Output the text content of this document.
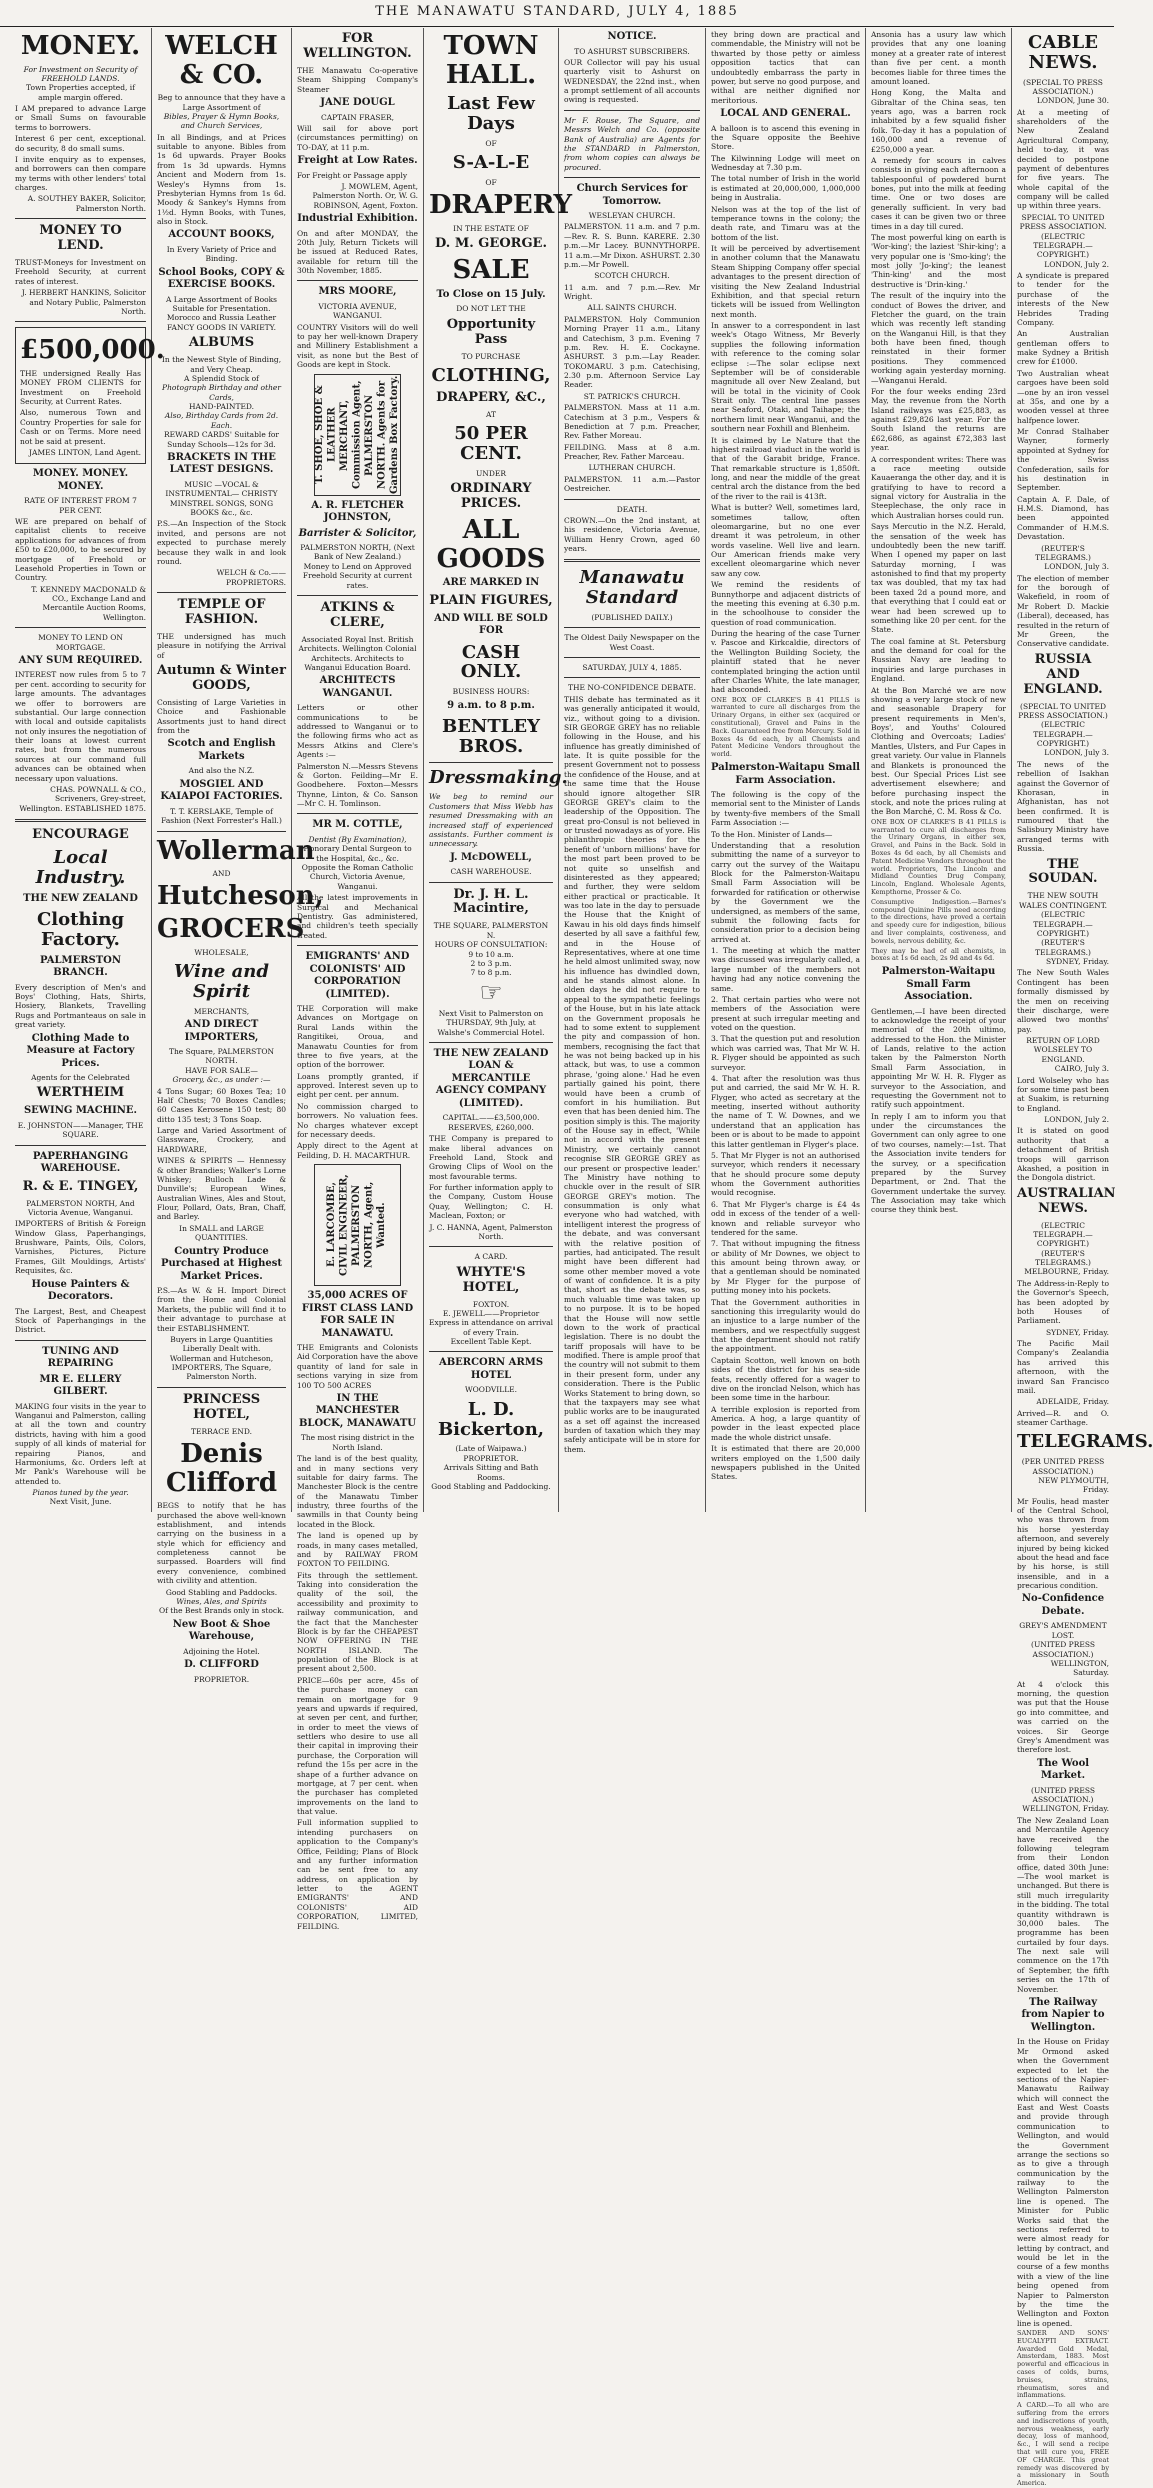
THE MANAWATU STANDARD, JULY 4, 1885
MONEY.
For Investment on Security of FREEHOLD LANDS.
Town Properties accepted, if ample margin offered.

I AM prepared to advance Large or Small Sums on favourable terms to borrowers.

Interest 6 per cent, exceptional. do security, 8 do small sums.

I invite enquiry as to expenses, and borrowers can then compare my terms with other lenders' total charges.

A. SOUTHEY BAKER, Solicitor, Palmerston North.

MONEY TO LEND.

TRUST-Moneys for Investment on Freehold Security, at current rates of interest.

J. HERBERT HANKINS, Solicitor and Notary Public, Palmerston North.

£500,000.

THE undersigned Really Has MONEY FROM CLIENTS for Investment on Freehold Security, at Current Rates.

Also, numerous Town and Country Properties for sale for Cash or on Terms. More need not be said at present.

JAMES LINTON, Land Agent.

MONEY. MONEY. MONEY.
RATE OF INTEREST FROM 7 PER CENT.

WE are prepared on behalf of capitalist clients to receive applications for advances of from £50 to £20,000, to be secured by mortgage of Freehold or Leasehold Properties in Town or Country.

T. KENNEDY MACDONALD & CO., Exchange Land and Mercantile Auction Rooms, Wellington.

MONEY TO LEND ON MORTGAGE.
ANY SUM REQUIRED.

INTEREST now rules from 5 to 7 per cent. according to security for large amounts. The advantages we offer to borrowers are substantial. Our large connection with local and outside capitalists not only insures the negotiation of their loans at lowest current rates, but from the numerous sources at our command full advances can be obtained when necessary upon valuations.

CHAS. POWNALL & CO., Scriveners, Grey-street, Wellington. ESTABLISHED 1875.

ENCOURAGE
Local Industry.
THE NEW ZEALAND
Clothing Factory.
PALMERSTON BRANCH.

Every description of Men's and Boys' Clothing, Hats, Shirts, Hosiery, Blankets, Travelling Rugs and Portmanteaus on sale in great variety.

Clothing Made to Measure at Factory Prices.
Agents for the Celebrated
WERTHEIM
SEWING MACHINE.
E. JOHNSTON——Manager, THE SQUARE.
PAPERHANGING WAREHOUSE.
R. & E. TINGEY,
PALMERSTON NORTH, And Victoria Avenue, Wanganui.

IMPORTERS of British & Foreign Window Glass, Paperhangings, Brushware, Paints, Oils, Colors, Varnishes, Pictures, Picture Frames, Gilt Mouldings, Artists' Requisites, &c.

House Painters & Decorators.

The Largest, Best, and Cheapest Stock of Paperhangings in the District.

TUNING AND REPAIRING
MR E. ELLERY GILBERT.

MAKING four visits in the year to Wanganui and Palmerston, calling at all the town and country districts, having with him a good supply of all kinds of material for repairing Pianos, and Harmoniums, &c. Orders left at Mr Pank's Warehouse will be attended to.

Pianos tuned by the year.
Next Visit, June.
WELCH & CO.
Beg to announce that they have a Large Assortment of
Bibles, Prayer & Hymn Books, and Church Services,

In all Bindings, and at Prices suitable to anyone. Bibles from 1s 6d upwards. Prayer Books from 1s 3d upwards. Hymns Ancient and Modern from 1s. Wesley's Hymns from 1s. Presbyterian Hymns from 1s 6d. Moody & Sankey's Hymns from 1½d. Hymn Books, with Tunes, also in Stock.

ACCOUNT BOOKS,
In Every Variety of Price and Binding.
School Books, COPY & EXERCISE BOOKS.
A Large Assortment of Books Suitable for Presentation.
Morocco and Russia Leather FANCY GOODS IN VARIETY.
ALBUMS
In the Newest Style of Binding, and Very Cheap.
A Splendid Stock of
Photograph Birthday and other Cards,
HAND-PAINTED.
Also, Birthday Cards from 2d. Each.
REWARD CARDS' Suitable for Sunday Schools—12s for 3d.
BRACKETS IN THE LATEST DESIGNS.
MUSIC —VOCAL & INSTRUMENTAL— CHRISTY MINSTREL SONGS, SONG BOOKS &c., &c.

P.S.—An Inspection of the Stock invited, and persons are not expected to purchase merely because they walk in and look round.

WELCH & Co.——PROPRIETORS.
TEMPLE OF FASHION.

THE undersigned has much pleasure in notifying the Arrival of

Autumn & Winter GOODS,

Consisting of Large Varieties in Choice and Fashionable Assortments just to hand direct from the

Scotch and English Markets
And also the N.Z.
MOSGIEL AND KAIAPOI FACTORIES.
T. T. KERSLAKE, Temple of Fashion (Next Forrester's Hall.)
Wollerman
AND
Hutcheson,
GROCERS
WHOLESALE,
Wine and Spirit
MERCHANTS,
AND DIRECT IMPORTERS,
The Square, PALMERSTON NORTH.
HAVE FOR SALE—
Grocery, &c., as under :—

4 Tons Sugar; 60 Boxes Tea; 10 Half Chests; 70 Boxes Candles; 60 Cases Kerosene 150 test; 80 ditto 135 test; 3 Tons Soap.

Large and Varied Assortment of Glassware, Crockery, and HARDWARE,

WINES & SPIRITS — Hennessy & other Brandies; Walker's Lorne Whiskey; Bulloch Lade & Dunville's; European Wines, Australian Wines, Ales and Stout, Flour, Pollard, Oats, Bran, Chaff, and Barley.

In SMALL and LARGE QUANTITIES.
Country Produce Purchased at Highest Market Prices.

P.S.—As W. & H. Import Direct from the Home and Colonial Markets, the public will find it to their advantage to purchase at their ESTABLISHMENT.

Buyers in Large Quantities Liberally Dealt with.
Wollerman and Hutcheson, IMPORTERS, The Square, Palmerston North.
PRINCESS HOTEL,
TERRACE END.
Denis Clifford

BEGS to notify that he has purchased the above well-known establishment, and intends carrying on the business in a style which for efficiency and completeness cannot be surpassed. Boarders will find every convenience, combined with civility and attention.

Good Stabling and Paddocks.
Wines, Ales, and Spirits
Of the Best Brands only in stock.
New Boot & Shoe Warehouse,
Adjoining the Hotel.
D. CLIFFORD
PROPRIETOR.
FOR WELLINGTON.

THE Manawatu Co-operative Steam Shipping Company's Steamer

JANE DOUGL
CAPTAIN FRASER,

Will sail for above port (circumstances permitting) on TO-DAY, at 11 p.m.

Freight at Low Rates.
For Freight or Passage apply

J. MOWLEM, Agent, Palmerston North. Or, W. G. ROBINSON, Agent, Foxton.

Industrial Exhibition.

On and after MONDAY, the 20th July, Return Tickets will be issued at Reduced Rates, available for return till the 30th November, 1885.

MRS MOORE,
VICTORIA AVENUE, WANGANUI.

COUNTRY Visitors will do well to pay her well-known Drapery and Millinery Establishment a visit, as none but the Best of Goods are kept in Stock.

T. SHOE, SHOE & LEATHER MERCHANT, Commission Agent, PALMERSTON NORTH. Agents for Gardens Box Factory.
A. R. FLETCHER JOHNSTON,
Barrister & Solicitor,
PALMERSTON NORTH, (Next Bank of New Zealand.)
Money to Lend on Approved Freehold Security at current rates.
ATKINS & CLERE,
Associated Royal Inst. British Architects. Wellington Colonial Architects. Architects to Wanganui Education Board.
ARCHITECTS WANGANUI.

Letters or other communications to be addressed to Wanganui or to the following firms who act as Messrs Atkins and Clere's Agents :—

Palmerston N.—Messrs Stevens & Gorton. Feilding—Mr E. Goodbehere. Foxton—Messrs Thynne, Linton, & Co. Sanson—Mr C. H. Tomlinson.

MR M. COTTLE,
Dentist (By Examination),
Honorary Dental Surgeon to the Hospital, &c., &c.
Opposite the Roman Catholic Church, Victoria Avenue, Wanganui.

All the latest improvements in Surgical and Mechanical Dentistry. Gas administered, and children's teeth specially treated.

EMIGRANTS' AND COLONISTS' AID CORPORATION (LIMITED).

THE Corporation will make Advances on Mortgage on Rural Lands within the Rangitikei, Oroua, and Manawatu Counties for from three to five years, at the option of the borrower.

Loans promptly granted, if approved. Interest seven up to eight per cent. per annum.

No commission charged to borrowers. No valuation fees. No charges whatever except for necessary deeds.

Apply direct to the Agent at Feilding, D. H. MACARTHUR.

E. LARCOMBE, CIVIL ENGINEER, PALMERSTON NORTH, Agent, Wanted.
35,000 ACRES OF FIRST CLASS LAND FOR SALE IN MANAWATU.

THE Emigrants and Colonists Aid Corporation have the above quantity of land for sale in sections varying in size from 100 TO 500 ACRES

IN THE MANCHESTER BLOCK, MANAWATU
The most rising district in the North Island.

The land is of the best quality, and in many sections very suitable for dairy farms. The Manchester Block is the centre of the Manawatu Timber industry, three fourths of the sawmills in that County being located in the Block.

The land is opened up by roads, in many cases metalled, and by RAILWAY FROM FOXTON TO FEILDING.

Fits through the settlement. Taking into consideration the quality of the soil, the accessibility and proximity to railway communication, and the fact that the Manchester Block is by far the CHEAPEST NOW OFFERING IN THE NORTH ISLAND. The population of the Block is at present about 2,500.

PRICE—60s per acre, 45s of the purchase money can remain on mortgage for 9 years and upwards if required, at seven per cent, and further, in order to meet the views of settlers who desire to use all their capital in improving their purchase, the Corporation will refund the 15s per acre in the shape of a further advance on mortgage, at 7 per cent. when the purchaser has completed improvements on the land to that value.

Full information supplied to intending purchasers on application to the Company's Office, Feilding; Plans of Block and any further information can be sent free to any address, on application by letter to the AGENT EMIGRANTS' AND COLONISTS' AID CORPORATION, LIMITED, FEILDING.

TOWN HALL.
Last Few Days
OF
S-A-L-E
OF
DRAPERY
IN THE ESTATE OF
D. M. GEORGE.
SALE
To Close on 15 July.
DO NOT LET THE
Opportunity Pass
TO PURCHASE
CLOTHING,
DRAPERY, &C.,
AT
50 PER CENT.
UNDER
ORDINARY PRICES.
ALL GOODS
ARE MARKED IN
PLAIN FIGURES,
AND WILL BE SOLD FOR
CASH ONLY.
BUSINESS HOURS:
9 a.m. to 8 p.m.
BENTLEY BROS.
Dressmaking.

We beg to remind our Customers that Miss Webb has resumed Dressmaking with an increased staff of experienced assistants. Further comment is unnecessary.

J. McDOWELL,
CASH WAREHOUSE.
Dr. J. H. L. Macintire,
THE SQUARE, PALMERSTON N.
HOURS OF CONSULTATION:
9 to 10 a.m.
2 to 3 p.m.
7 to 8 p.m.
☞
Next Visit to Palmerston on THURSDAY, 9th July, at Walshe's Commercial Hotel.
THE NEW ZEALAND LOAN & MERCANTILE AGENCY COMPANY (LIMITED).
CAPITAL.——£3,500,000.
RESERVES, £260,000.

THE Company is prepared to make liberal advances on Freehold Land, Stock and Growing Clips of Wool on the most favourable terms.

For further information apply to the Company, Custom House Quay, Wellington; C. H. Maclean, Foxton; or

J. C. HANNA, Agent, Palmerston North.
A CARD.
WHYTE'S HOTEL,
FOXTON.
E. JEWELL——Proprietor
Express in attendance on arrival of every Train.
Excellent Table Kept.
ABERCORN ARMS HOTEL
WOODVILLE.
L. D. Bickerton,
(Late of Waipawa.)
PROPRIETOR.
Arrivals Sitting and Bath Rooms.
Good Stabling and Paddocking.
NOTICE.
TO ASHURST SUBSCRIBERS.

OUR Collector will pay his usual quarterly visit to Ashurst on WEDNESDAY, the 22nd inst., when a prompt settlement of all accounts owing is requested.

Mr F. Rouse, The Square, and Messrs Welch and Co. (opposite Bank of Australia) are Agents for the STANDARD in Palmerston, from whom copies can always be procured.

Church Services for Tomorrow.
WESLEYAN CHURCH.

PALMERSTON. 11 a.m. and 7 p.m.—Rev. R. S. Bunn. KARERE. 2.30 p.m.—Mr Lacey. BUNNYTHORPE. 11 a.m.—Mr Dixon. ASHURST. 2.30 p.m.—Mr Powell.

SCOTCH CHURCH.

11 a.m. and 7 p.m.—Rev. Mr Wright.

ALL SAINTS CHURCH.

PALMERSTON. Holy Communion Morning Prayer 11 a.m., Litany and Catechism, 3 p.m. Evening 7 p.m. Rev. H. E. Cockayne. ASHURST. 3 p.m.—Lay Reader. TOKOMARU. 3 p.m. Catechising, 2.30 p.m. Afternoon Service Lay Reader.

ST. PATRICK'S CHURCH.

PALMERSTON. Mass at 11 a.m. Catechism at 3 p.m., Vespers & Benediction at 7 p.m. Preacher, Rev. Father Moreau.

FEILDING. Mass at 8 a.m. Preacher, Rev. Father Marceau.

LUTHERAN CHURCH.

PALMERSTON. 11 a.m.—Pastor Oestreicher.

DEATH.

CROWN.—On the 2nd instant, at his residence, Victoria Avenue, William Henry Crown, aged 60 years.

Manawatu Standard
(PUBLISHED DAILY.)
The Oldest Daily Newspaper on the West Coast.
SATURDAY, JULY 4, 1885.
THE NO-CONFIDENCE DEBATE.

THIS debate has terminated as it was generally anticipated it would, viz., without going to a division. SIR GEORGE GREY has no reliable following in the House, and his influence has greatly diminished of late. It is quite possible for the present Government not to possess the confidence of the House, and at the same time that the House should ignore altogether SIR GEORGE GREY's claim to the leadership of the Opposition. The great pro-Consul is not believed in or trusted nowadays as of yore. His philanthropic theories for the benefit of 'unborn millions' have for the most part been proved to be not quite so unselfish and disinterested as they appeared; and further, they were seldom either practical or practicable. It was too late in the day to persuade the House that the Knight of Kawau in his old days finds himself deserted by all save a faithful few, and in the House of Representatives, where at one time he held almost unlimited sway, now his influence has dwindled down, and he stands almost alone. In olden days he did not require to appeal to the sympathetic feelings of the House, but in his late attack on the Government proposals he had to some extent to supplement the pity and compassion of hon. members, recognising the fact that he was not being backed up in his attack, but was, to use a common phrase, 'going alone.' Had he even partially gained his point, there would have been a crumb of comfort in his humiliation. But even that has been denied him. The position simply is this. The majority of the House say in effect, 'While not in accord with the present Ministry, we certainly cannot recognise SIR GEORGE GREY as our present or prospective leader.' The Ministry have nothing to chuckle over in the result of SIR GEORGE GREY's motion. The consummation is only what everyone who had watched, with intelligent interest the progress of the debate, and was conversant with the relative position of parties, had anticipated. The result might have been different had some other member moved a vote of want of confidence. It is a pity that, short as the debate was, so much valuable time was taken up to no purpose. It is to be hoped that the House will now settle down to the work of practical legislation. There is no doubt the tariff proposals will have to be modified. There is ample proof that the country will not submit to them in their present form, under any consideration. There is the Public Works Statement to bring down, so that the taxpayers may see what public works are to be inaugurated as a set off against the increased burden of taxation which they may safely anticipate will be in store for them.

they bring down are practical and commendable, the Ministry will not be thwarted by those petty or aimless opposition tactics that can undoubtedly embarrass the party in power, but serve no good purpose, and withal are neither dignified nor meritorious.

LOCAL AND GENERAL.

A balloon is to ascend this evening in the Square opposite the Beehive Store.

The Kilwinning Lodge will meet on Wednesday at 7.30 p.m.

The total number of Irish in the world is estimated at 20,000,000, 1,000,000 being in Australia.

Nelson was at the top of the list of temperance towns in the colony; the death rate, and Timaru was at the bottom of the list.

It will be perceived by advertisement in another column that the Manawatu Steam Shipping Company offer special advantages to the present direction of visiting the New Zealand Industrial Exhibition, and that special return tickets will be issued from Wellington next month.

In answer to a correspondent in last week's Otago Witness, Mr Beverly supplies the following information with reference to the coming solar eclipse :—The solar eclipse next September will be of considerable magnitude all over New Zealand, but will be total in the vicinity of Cook Strait only. The central line passes near Seaford, Otaki, and Taihape; the northern limit near Wanganui, and the southern near Foxhill and Blenheim.

It is claimed by Le Nature that the highest railroad viaduct in the world is that of the Garabit bridge, France. That remarkable structure is 1,850ft. long, and near the middle of the great central arch the distance from the bed of the river to the rail is 413ft.

What is butter? Well, sometimes lard, sometimes tallow, often oleomargarine, but no one ever dreamt it was petroleum, in other words vaseline. Well live and learn. Our American friends make very excellent oleomargarine which never saw any cow.

We remind the residents of Bunnythorpe and adjacent districts of the meeting this evening at 6.30 p.m. in the schoolhouse to consider the question of road communication.

During the hearing of the case Turner v. Pascoe and Kirkcaldie, directors of the Wellington Building Society, the plaintiff stated that he never contemplated bringing the action until after Charles White, the late manager, had absconded.

ONE BOX OF CLARKE'S B 41 PILLS is warranted to cure all discharges from the Urinary Organs, in either sex (acquired or constitutional), Gravel and Pains in the Back. Guaranteed free from Mercury. Sold in Boxes 4s 6d each, by all Chemists and Patent Medicine Vendors throughout the world.

Palmerston-Waitapu Small Farm Association.

The following is the copy of the memorial sent to the Minister of Lands by twenty-five members of the Small Farm Association :—

To the Hon. Minister of Lands—

Understanding that a resolution submitting the name of a surveyor to carry out the survey of the Waitapu Block for the Palmerston-Waitapu Small Farm Association will be forwarded for ratification or otherwise by the Government we the undersigned, as members of the same, submit the following facts for consideration prior to a decision being arrived at.

1. The meeting at which the matter was discussed was irregularly called, a large number of the members not having had any notice convening the same.

2. That certain parties who were not members of the Association were present at such irregular meeting and voted on the question.

3. That the question put and resolution which was carried was, That Mr W. H. R. Flyger should be appointed as such surveyor.

4. That after the resolution was thus put and carried, the said Mr W. H. R. Flyger, who acted as secretary at the meeting, inserted without authority the name of T. W. Downes, and we understand that an application has been or is about to be made to appoint this latter gentleman in Flyger's place.

5. That Mr Flyger is not an authorised surveyor, which renders it necessary that he should procure some deputy whom the Government authorities would recognise.

6. That Mr Flyger's charge is £4 4s odd in excess of the tender of a well-known and reliable surveyor who tendered for the same.

7. That without impugning the fitness or ability of Mr Downes, we object to this amount being thrown away, or that a gentleman should be nominated by Mr Flyger for the purpose of putting money into his pockets.

That the Government authorities in sanctioning this irregularity would do an injustice to a large number of the members, and we respectfully suggest that the department should not ratify the appointment.

Captain Scotton, well known on both sides of the district for his sea-side feats, recently offered for a wager to dive on the ironclad Nelson, which has been some time in the harbour.

A terrible explosion is reported from America. A hog, a large quantity of powder in the least expected place made the whole district unsafe.

It is estimated that there are 20,000 writers employed on the 1,500 daily newspapers published in the United States.

Ansonia has a usury law which provides that any one loaning money at a greater rate of interest than five per cent. a month becomes liable for three times the amount loaned.

Hong Kong, the Malta and Gibraltar of the China seas, ten years ago, was a barren rock inhabited by a few squalid fisher folk. To-day it has a population of 160,000 and a revenue of £250,000 a year.

A remedy for scours in calves consists in giving each afternoon a tablespoonful of powdered burnt bones, put into the milk at feeding time. One or two doses are generally sufficient. In very bad cases it can be given two or three times in a day till cured.

The most powerful king on earth is 'Wor-king'; the laziest 'Shir-king'; a very popular one is 'Smo-king'; the most jolly 'Jo-king'; the leanest 'Thin-king' and the most destructive is 'Drin-king.'

The result of the inquiry into the conduct of Bowes the driver, and Fletcher the guard, on the train which was recently left standing on the Wanganui Hill, is that they both have been fined, though reinstated in their former positions. They commenced working again yesterday morning.—Wanganui Herald.

For the four weeks ending 23rd May, the revenue from the North Island railways was £25,883, as against £29,826 last year. For the South Island the returns are £62,686, as against £72,383 last year.

A correspondent writes: There was a race meeting outside Kauaeranga the other day, and it is gratifying to have to record a signal victory for Australia in the Steeplechase, the only race in which Australian horses could run.

Says Mercutio in the N.Z. Herald, the sensation of the week has undoubtedly been the new tariff. When I opened my paper on last Saturday morning, I was astonished to find that my property tax was doubled, that my tax had been taxed 2d a pound more, and that everything that I could eat or wear had been screwed up to something like 20 per cent. for the State.

The coal famine at St. Petersburg and the demand for coal for the Russian Navy are leading to inquiries and large purchases in England.

At the Bon Marché we are now showing a very large stock of new and seasonable Drapery for present requirements in Men's, Boys', and Youths' Coloured Clothing and Overcoats; Ladies' Mantles, Ulsters, and Fur Capes in great variety. Our value in Flannels and Blankets is pronounced the best. Our Special Prices List see advertisement elsewhere; and before purchasing inspect the stock, and note the prices ruling at the Bon Marché, C. M. Ross & Co.

ONE BOX OF CLARKE'S B 41 PILLS is warranted to cure all discharges from the Urinary Organs, in either sex, Gravel, and Pains in the Back. Sold in Boxes 4s 6d each, by all Chemists and Patent Medicine Vendors throughout the world. Proprietors, The Lincoln and Midland Counties Drug Company, Lincoln, England. Wholesale Agents, Kempthorne, Prosser & Co.

Consumptive Indigestion.—Barnes's compound Quinine Pills need according to the directions, have proved a certain and speedy cure for indigestion, bilious and liver complaints, costiveness, and bowels, nervous debility, &c.

They may be had of all chemists, in boxes at 1s 6d each, 2s 9d and 4s 6d.

Palmerston-Waitapu Small Farm Association.

Gentlemen,—I have been directed to acknowledge the receipt of your memorial of the 20th ultimo, addressed to the Hon. the Minister of Lands, relative to the action taken by the Palmerston North Small Farm Association, in appointing Mr W. H. R. Flyger as surveyor to the Association, and requesting the Government not to ratify such appointment.

In reply I am to inform you that under the circumstances the Government can only agree to one of two courses, namely:—1st. That the Association invite tenders for the survey, or a specification prepared by the Survey Department, or 2nd. That the Government undertake the survey. The Association may take which course they think best.

CABLE NEWS.
(SPECIAL TO PRESS ASSOCIATION.)
LONDON, June 30.

At a meeting of shareholders of the New Zealand Agricultural Company, held to-day, it was decided to postpone payment of debentures for five years. The whole capital of the company will be called up within three years.

SPECIAL TO UNITED PRESS ASSOCIATION.
(ELECTRIC TELEGRAPH.—COPYRIGHT.)
LONDON, July 2.

A syndicate is prepared to tender for the purchase of the interests of the New Hebrides Trading Company.

An Australian gentleman offers to make Sydney a British crew for £1000.

Two Australian wheat cargoes have been sold—one by an iron vessel at 35s, and one by a wooden vessel at three halfpence lower.

Mr Conrad Stalhaber Wayner, formerly appointed at Sydney for the Swiss Confederation, sails for his destination in September.

Captain A. F. Dale, of H.M.S. Diamond, has been appointed Commander of H.M.S. Devastation.

(REUTER'S TELEGRAMS.)
LONDON, July 3.

The election of member for the borough of Wakefield, in room of Mr Robert D. Mackie (Liberal), deceased, has resulted in the return of Mr Green, the Conservative candidate.

RUSSIA AND ENGLAND.
(SPECIAL TO UNITED PRESS ASSOCIATION.)
(ELECTRIC TELEGRAPH.—COPYRIGHT.)
LONDON, July 3.

The news of the rebellion of Isakhan against the Governor of Khorasan, in Afghanistan, has not been confirmed. It is rumoured that the Salisbury Ministry have arranged terms with Russia.

THE SOUDAN.
THE NEW SOUTH WALES CONTINGENT.
(ELECTRIC TELEGRAPH.—COPYRIGHT.)
(REUTER'S TELEGRAMS.)
SYDNEY, Friday.

The New South Wales Contingent has been formally dismissed by the men on receiving their discharge, were allowed two months' pay.

RETURN OF LORD WOLSELEY TO ENGLAND.
CAIRO, July 3.

Lord Wolseley who has for some time past been at Suakim, is returning to England.

LONDON, July 2.

It is stated on good authority that a detachment of British troops will garrison Akashed, a position in the Dongola district.

AUSTRALIAN NEWS.
(ELECTRIC TELEGRAPH.—COPYRIGHT.)
(REUTER'S TELEGRAMS.)
MELBOURNE, Friday.

The Address-in-Reply to the Governor's Speech, has been adopted by both Houses of Parliament.

SYDNEY, Friday.

The Pacific Mail Company's Zealandia has arrived this afternoon, with the inward San Francisco mail.

ADELAIDE, Friday.

Arrived—R. and O. steamer Carthage.

TELEGRAMS.
(PER UNITED PRESS ASSOCIATION.)
NEW PLYMOUTH, Friday.

Mr Foulis, head master of the Central School, who was thrown from his horse yesterday afternoon, and severely injured by being kicked about the head and face by his horse, is still insensible, and in a precarious condition.

No-Confidence Debate.
GREY'S AMENDMENT LOST.
(UNITED PRESS ASSOCIATION.)
WELLINGTON, Saturday.

At 4 o'clock this morning, the question was put that the House go into committee, and was carried on the voices. Sir George Grey's Amendment was therefore lost.

The Wool Market.
(UNITED PRESS ASSOCIATION.)
WELLINGTON, Friday.

The New Zealand Loan and Mercantile Agency have received the following telegram from their London office, dated 30th June:—The wool market is unchanged. But there is still much irregularity in the bidding. The total quantity withdrawn is 30,000 bales. The programme has been curtailed by four days. The next sale will commence on the 17th of September, the fifth series on the 17th of November.

The Railway from Napier to Wellington.

In the House on Friday Mr Ormond asked when the Government expected to let the sections of the Napier-Manawatu Railway which will connect the East and West Coasts and provide through communication to Wellington, and would the Government arrange the sections so as to give a through communication by the railway to the Wellington Palmerston line is opened. The Minister for Public Works said that the sections referred to were almost ready for letting by contract, and would be let in the course of a few months with a view of the line being opened from Napier to Palmerston by the time the Wellington and Foxton line is opened.

SANDER AND SONS' EUCALYPTI EXTRACT. Awarded Gold Medal, Amsterdam, 1883. Most powerful and efficacious in cases of colds, burns, bruises, strains, rheumatism, sores and inflammations.

A CARD.—To all who are suffering from the errors and indiscretions of youth, nervous weakness, early decay, loss of manhood, &c., I will send a recipe that will cure you, FREE OF CHARGE. This great remedy was discovered by a missionary in South America.
